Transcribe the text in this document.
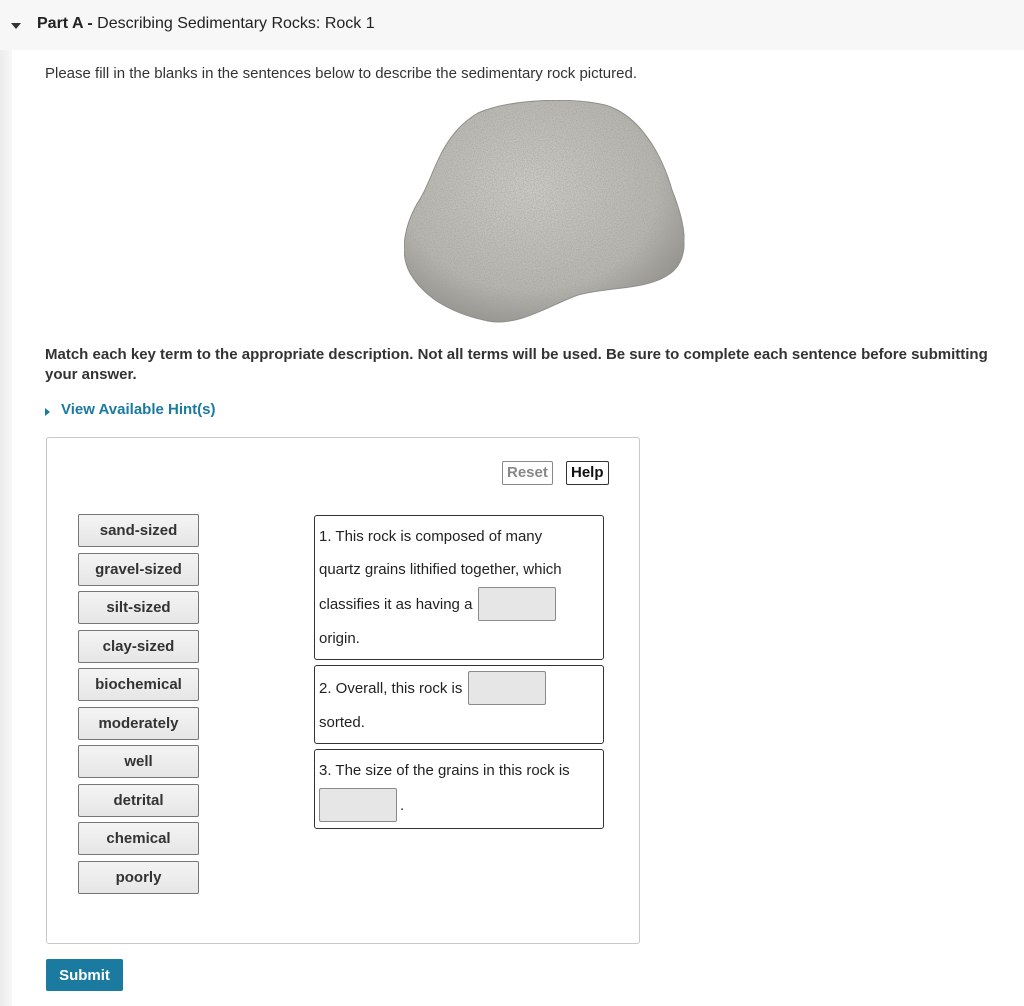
Part A - Describing Sedimentary Rocks: Rock 1
Please fill in the blanks in the sentences below to describe the sedimentary rock pictured.
Match each key term to the appropriate description. Not all terms will be used. Be sure to complete each sentence before submitting your answer.
View Available Hint(s)
Reset	Help
sand-sized
gravel-sized
silt-sized
clay-sized
biochemical
moderately
well
detrital
chemical
poorly
1. This rock is composed of many
quartz grains lithified together, which
classifies it as having a
origin.
2. Overall, this rock is
sorted.
3. The size of the grains in this rock is
.
Submit
